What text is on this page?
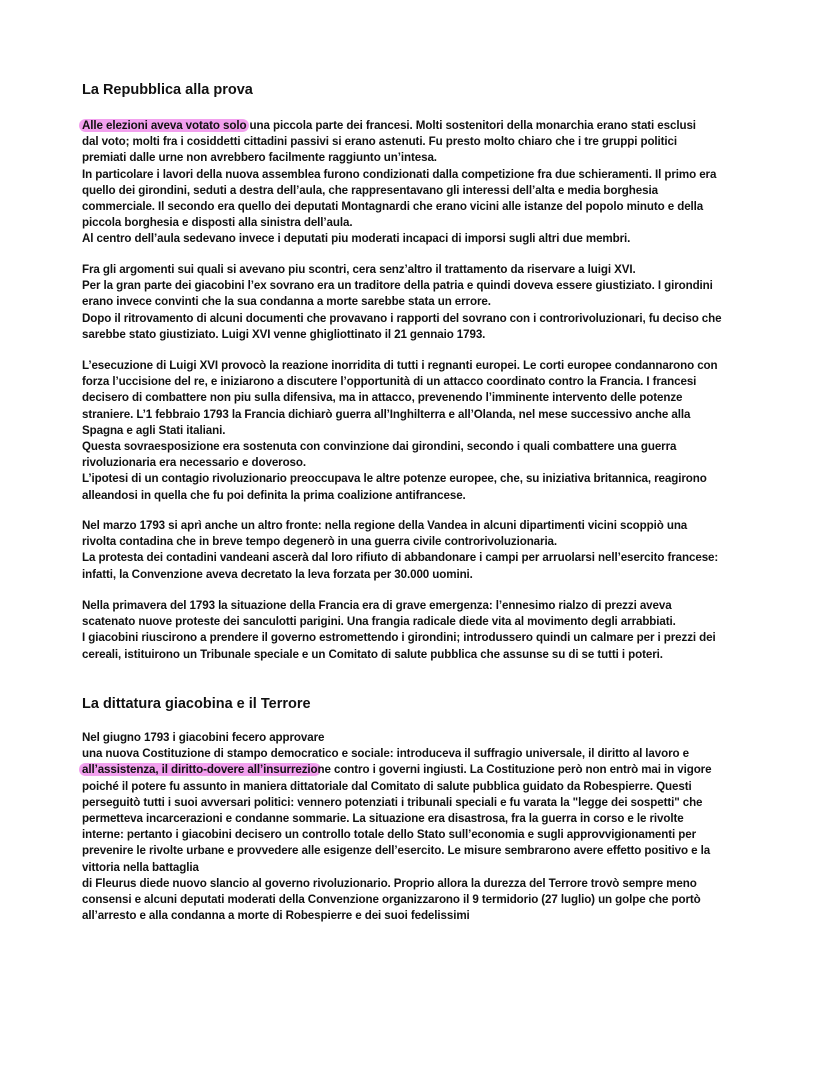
La Repubblica alla prova
Alle elezioni aveva votato solo una piccola parte dei francesi. Molti sostenitori della monarchia erano stati esclusi
dal voto; molti fra i cosiddetti cittadini passivi si erano astenuti. Fu presto molto chiaro che i tre gruppi politici
premiati dalle urne non avrebbero facilmente raggiunto un’intesa.
In particolare i lavori della nuova assemblea furono condizionati dalla competizione fra due schieramenti. Il primo era
quello dei girondini, seduti a destra dell’aula, che rappresentavano gli interessi dell’alta e media borghesia
commerciale. Il secondo era quello dei deputati Montagnardi che erano vicini alle istanze del popolo minuto e della
piccola borghesia e disposti alla sinistra dell’aula.
Al centro dell’aula sedevano invece i deputati piu moderati incapaci di imporsi sugli altri due membri.
Fra gli argomenti sui quali si avevano piu scontri, cera senz’altro il trattamento da riservare a luigi XVI.
Per la gran parte dei giacobini l’ex sovrano era un traditore della patria e quindi doveva essere giustiziato. I girondini
erano invece convinti che la sua condanna a morte sarebbe stata un errore.
Dopo il ritrovamento di alcuni documenti che provavano i rapporti del sovrano con i controrivoluzionari, fu deciso che
sarebbe stato giustiziato. Luigi XVI venne ghigliottinato il 21 gennaio 1793.
L’esecuzione di Luigi XVI provocò la reazione inorridita di tutti i regnanti europei. Le corti europee condannarono con
forza l’uccisione del re, e iniziarono a discutere l’opportunità di un attacco coordinato contro la Francia. I francesi
decisero di combattere non piu sulla difensiva, ma in attacco, prevenendo l’imminente intervento delle potenze
straniere. L’1 febbraio 1793 la Francia dichiarò guerra all’Inghilterra e all’Olanda, nel mese successivo anche alla
Spagna e agli Stati italiani.
Questa sovraesposizione era sostenuta con convinzione dai girondini, secondo i quali combattere una guerra
rivoluzionaria era necessario e doveroso.
L’ipotesi di un contagio rivoluzionario preoccupava le altre potenze europee, che, su iniziativa britannica, reagirono
alleandosi in quella che fu poi definita la prima coalizione antifrancese.
Nel marzo 1793 si aprì anche un altro fronte: nella regione della Vandea in alcuni dipartimenti vicini scoppiò una
rivolta contadina che in breve tempo degenerò in una guerra civile controrivoluzionaria.
La protesta dei contadini vandeani ascerà dal loro rifiuto di abbandonare i campi per arruolarsi nell’esercito francese:
infatti, la Convenzione aveva decretato la leva forzata per 30.000 uomini.
Nella primavera del 1793 la situazione della Francia era di grave emergenza: l’ennesimo rialzo di prezzi aveva
scatenato nuove proteste dei sanculotti parigini. Una frangia radicale diede vita al movimento degli arrabbiati.
I giacobini riuscirono a prendere il governo estromettendo i girondini; introdussero quindi un calmare per i prezzi dei
cereali, istituirono un Tribunale speciale e un Comitato di salute pubblica che assunse su di se tutti i poteri.
La dittatura giacobina e il Terrore
Nel giugno 1793 i giacobini fecero approvare
una nuova Costituzione di stampo democratico e sociale: introduceva il suffragio universale, il diritto al lavoro e
all’assistenza, il diritto-dovere all’insurrezione contro i governi ingiusti. La Costituzione però non entrò mai in vigore
poiché il potere fu assunto in maniera dittatoriale dal Comitato di salute pubblica guidato da Robespierre. Questi
perseguitò tutti i suoi avversari politici: vennero potenziati i tribunali speciali e fu varata la "legge dei sospetti" che
permetteva incarcerazioni e condanne sommarie. La situazione era disastrosa, fra la guerra in corso e le rivolte
interne: pertanto i giacobini decisero un controllo totale dello Stato sull’economia e sugli approvvigionamenti per
prevenire le rivolte urbane e provvedere alle esigenze dell’esercito. Le misure sembrarono avere effetto positivo e la
vittoria nella battaglia
di Fleurus diede nuovo slancio al governo rivoluzionario. Proprio allora la durezza del Terrore trovò sempre meno
consensi e alcuni deputati moderati della Convenzione organizzarono il 9 termidorio (27 luglio) un golpe che portò
all’arresto e alla condanna a morte di Robespierre e dei suoi fedelissimi
